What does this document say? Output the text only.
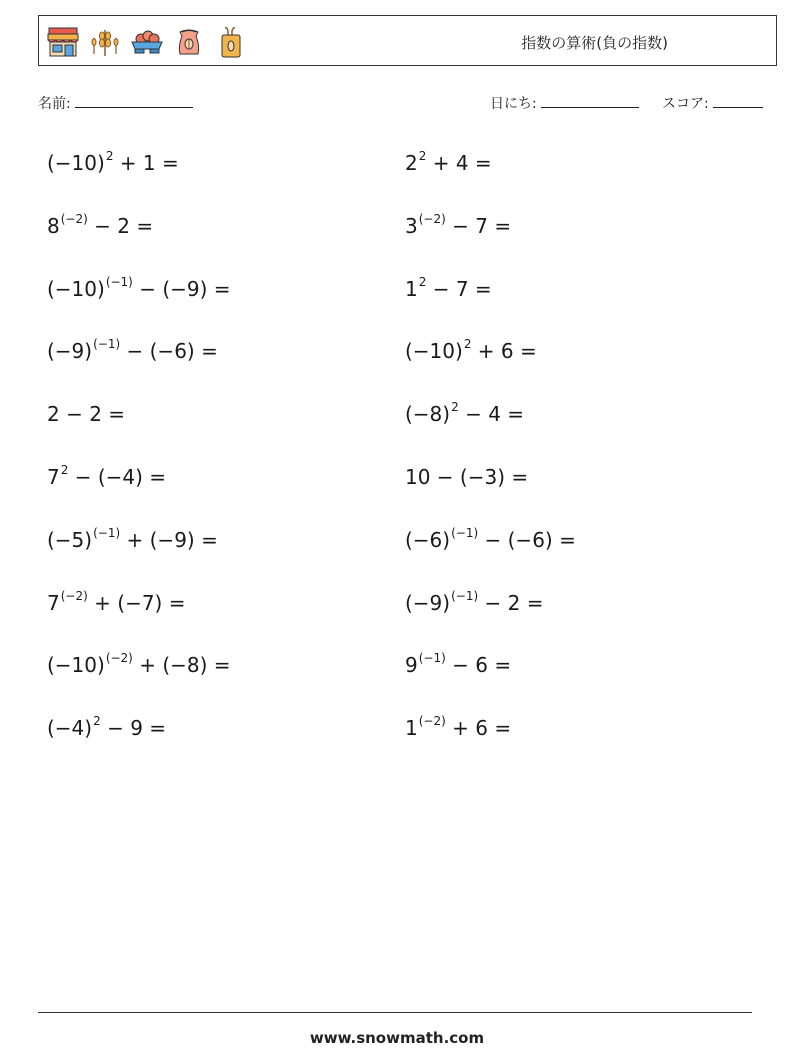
指数の算術(負の指数)
名前:	日にち:	スコア:
$(-10)^2 + 1$ =	$2^2 + 4$ =
$8^{(-2)} - 2$ =	$3^{(-2)} - 7$ =
$(-10)^{(-1)} - (-9)$ =	$1^2 - 7$ =
$(-9)^{(-1)} - (-6)$ =	$(-10)^2 + 6$ =
2 − 2 =	$(-8)^2 - 4$ =
$7^2 - (-4)$ =	10 − (−3) =
$(-5)^{(-1)} + (-9)$ =	$(-6)^{(-1)} - (-6)$ =
$7^{(-2)} + (-7)$ =	$(-9)^{(-1)} - 2$ =
$(-10)^{(-2)} + (-8)$ =	$9^{(-1)} - 6$ =
$(-4)^2 - 9$ =	$1^{(-2)} + 6$ =
www.snowmath.com
